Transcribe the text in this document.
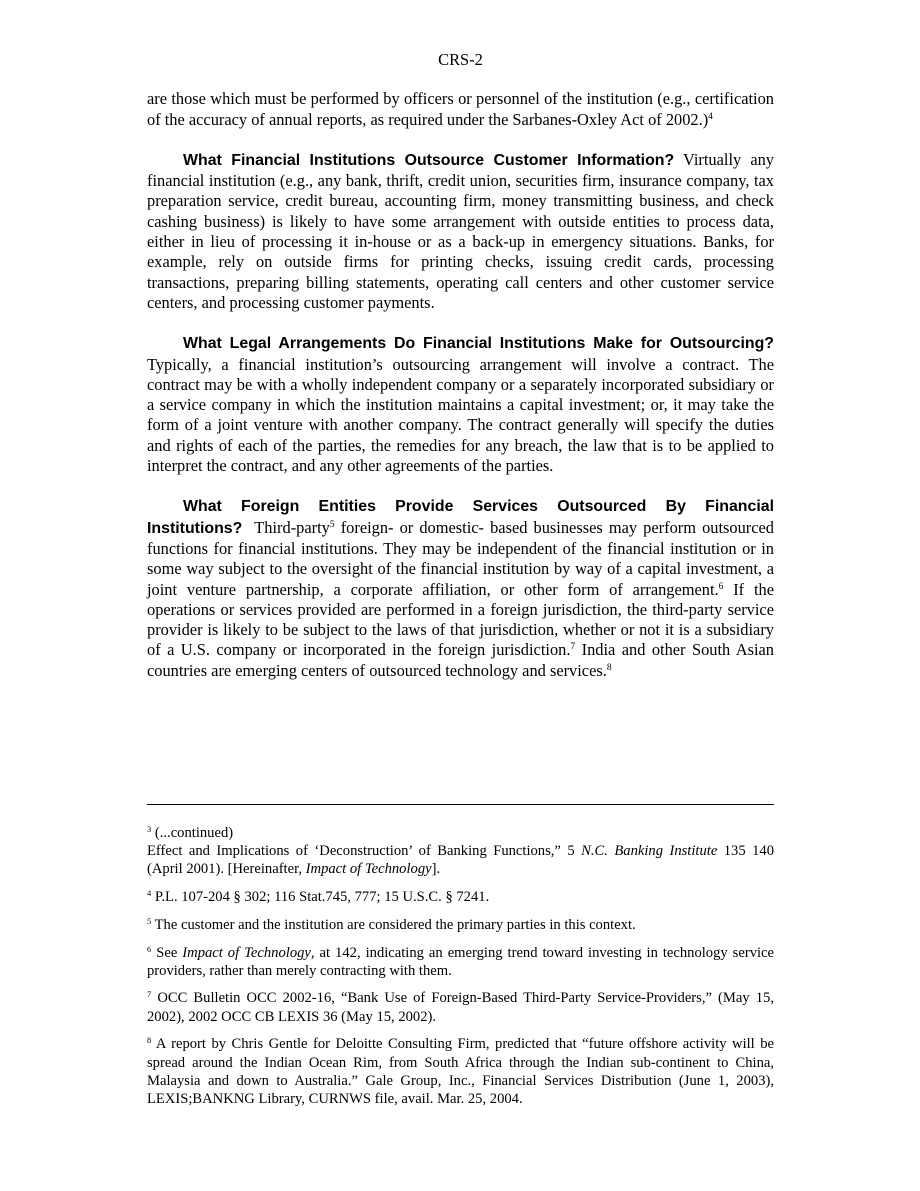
CRS-2

are those which must be performed by officers or personnel of the institution (e.g., certification of the accuracy of annual reports, as required under the Sarbanes-Oxley Act of 2002.)$^4$

What Financial Institutions Outsource Customer Information? Virtually any financial institution (e.g., any bank, thrift, credit union, securities firm, insurance company, tax preparation service, credit bureau, accounting firm, money transmitting business, and check cashing business) is likely to have some arrangement with outside entities to process data, either in lieu of processing it in-house or as a back-up in emergency situations. Banks, for example, rely on outside firms for printing checks, issuing credit cards, processing transactions, preparing billing statements, operating call centers and other customer service centers, and processing customer payments.

What Legal Arrangements Do Financial Institutions Make for Outsourcing? Typically, a financial institution’s outsourcing arrangement will involve a contract. The contract may be with a wholly independent company or a separately incorporated subsidiary or a service company in which the institution maintains a capital investment; or, it may take the form of a joint venture with another company. The contract generally will specify the duties and rights of each of the parties, the remedies for any breach, the law that is to be applied to interpret the contract, and any other agreements of the parties.

What Foreign Entities Provide Services Outsourced By Financial Institutions? Third-party$^5$ foreign- or domestic- based businesses may perform outsourced functions for financial institutions. They may be independent of the financial institution or in some way subject to the oversight of the financial institution by way of a capital investment, a joint venture partnership, a corporate affiliation, or other form of arrangement.$^6$ If the operations or services provided are performed in a foreign jurisdiction, the third-party service provider is likely to be subject to the laws of that jurisdiction, whether or not it is a subsidiary of a U.S. company or incorporated in the foreign jurisdiction.$^7$ India and other South Asian countries are emerging centers of outsourced technology and services.$^8$

$^3$ (...continued)
Effect and Implications of ‘Deconstruction’ of Banking Functions,” 5 N.C. Banking Institute 135 140 (April 2001). [Hereinafter, Impact of Technology].

$^4$ P.L. 107-204 § 302; 116 Stat.745, 777; 15 U.S.C. § 7241.

$^5$ The customer and the institution are considered the primary parties in this context.

$^6$ See Impact of Technology, at 142, indicating an emerging trend toward investing in technology service providers, rather than merely contracting with them.

$^7$ OCC Bulletin OCC 2002-16, “Bank Use of Foreign-Based Third-Party Service-Providers,” (May 15, 2002), 2002 OCC CB LEXIS 36 (May 15, 2002).

$^8$ A report by Chris Gentle for Deloitte Consulting Firm, predicted that “future offshore activity will be spread around the Indian Ocean Rim, from South Africa through the Indian sub-continent to China, Malaysia and down to Australia.” Gale Group, Inc., Financial Services Distribution (June 1, 2003), LEXIS;BANKNG Library, CURNWS file, avail. Mar. 25, 2004.
